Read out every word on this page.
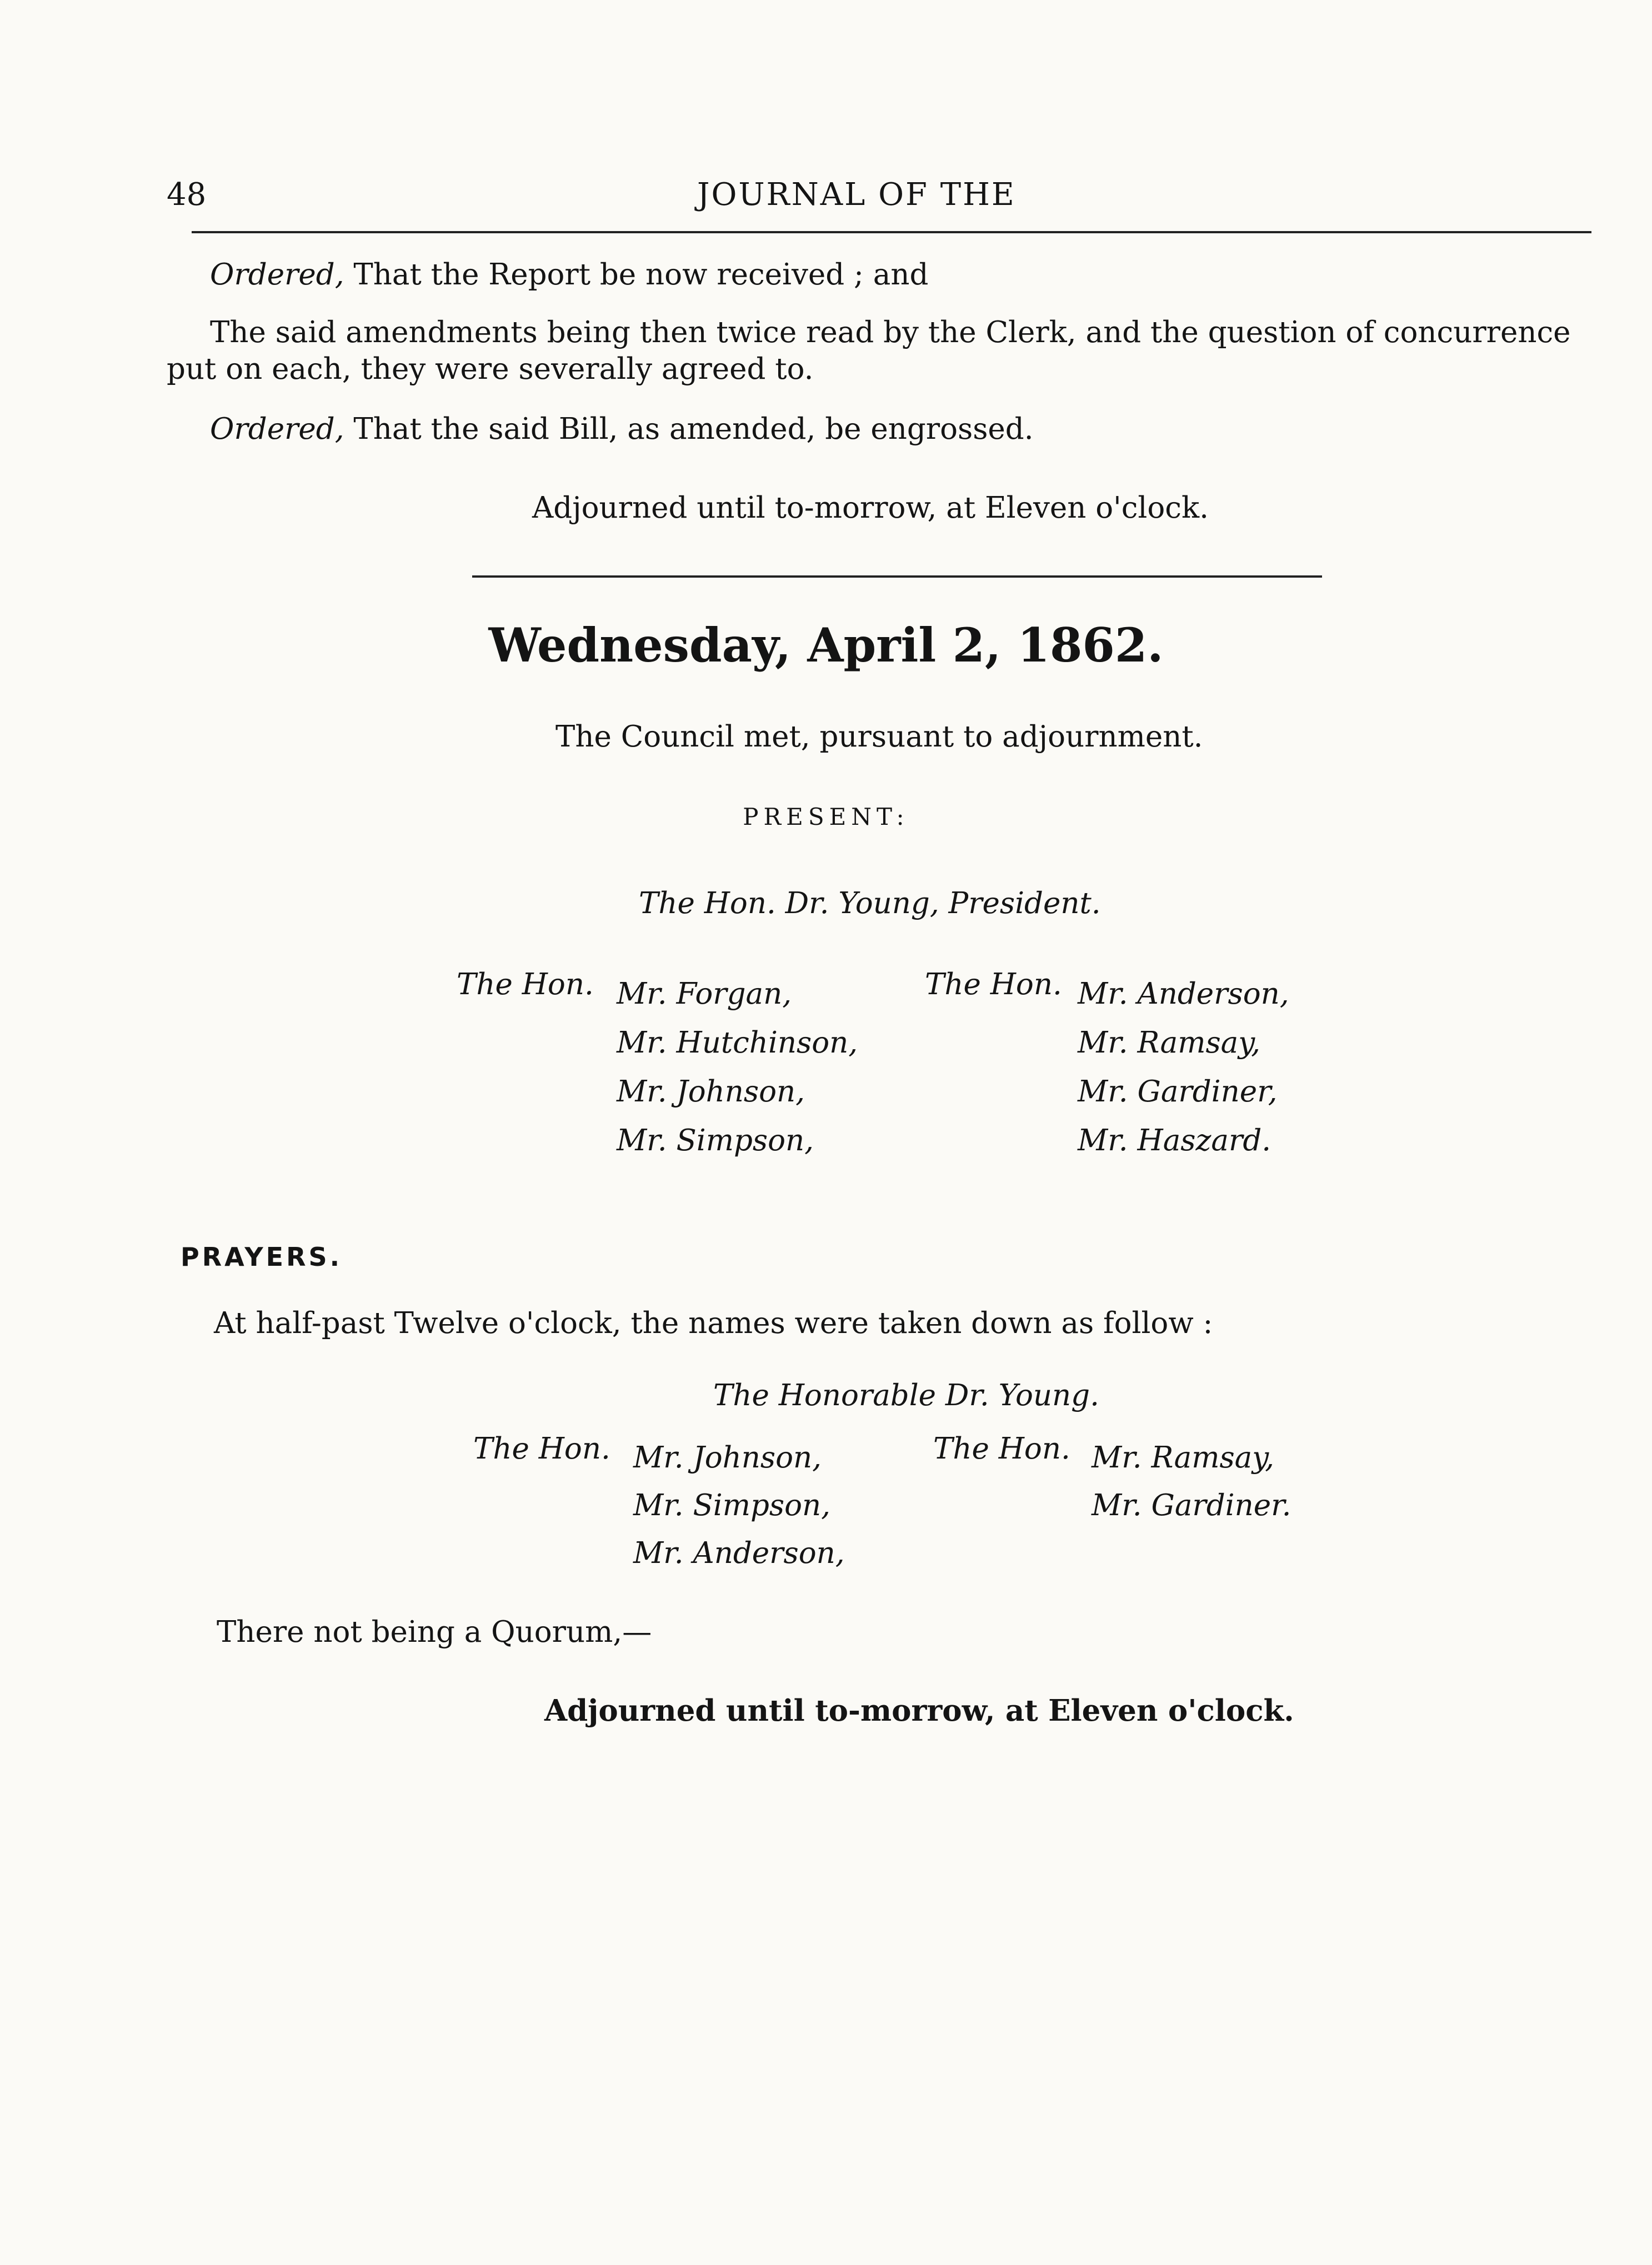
48	JOURNAL OF THE
Ordered, That the Report be now received ; and
The said amendments being then twice read by the Clerk, and the question of concurrence
put on each, they were severally agreed to.
Ordered, That the said Bill, as amended, be engrossed.
Adjourned until to-morrow, at Eleven o'clock.
Wednesday, April 2, 1862.
The Council met, pursuant to adjournment.
PRESENT:
The Hon. Dr. Young, President.
The Hon. Mr. Forgan,
Mr. Hutchinson,
Mr. Johnson,
Mr. Simpson,
The Hon. Mr. Anderson,
Mr. Ramsay,
Mr. Gardiner,
Mr. Haszard.
PRAYERS.
At half-past Twelve o'clock, the names were taken down as follow :
The Honorable Dr. Young.
The Hon. Mr. Johnson,
Mr. Simpson,
Mr. Anderson,
The Hon. Mr. Ramsay,
Mr. Gardiner.
There not being a Quorum,—
Adjourned until to-morrow, at Eleven o'clock.
